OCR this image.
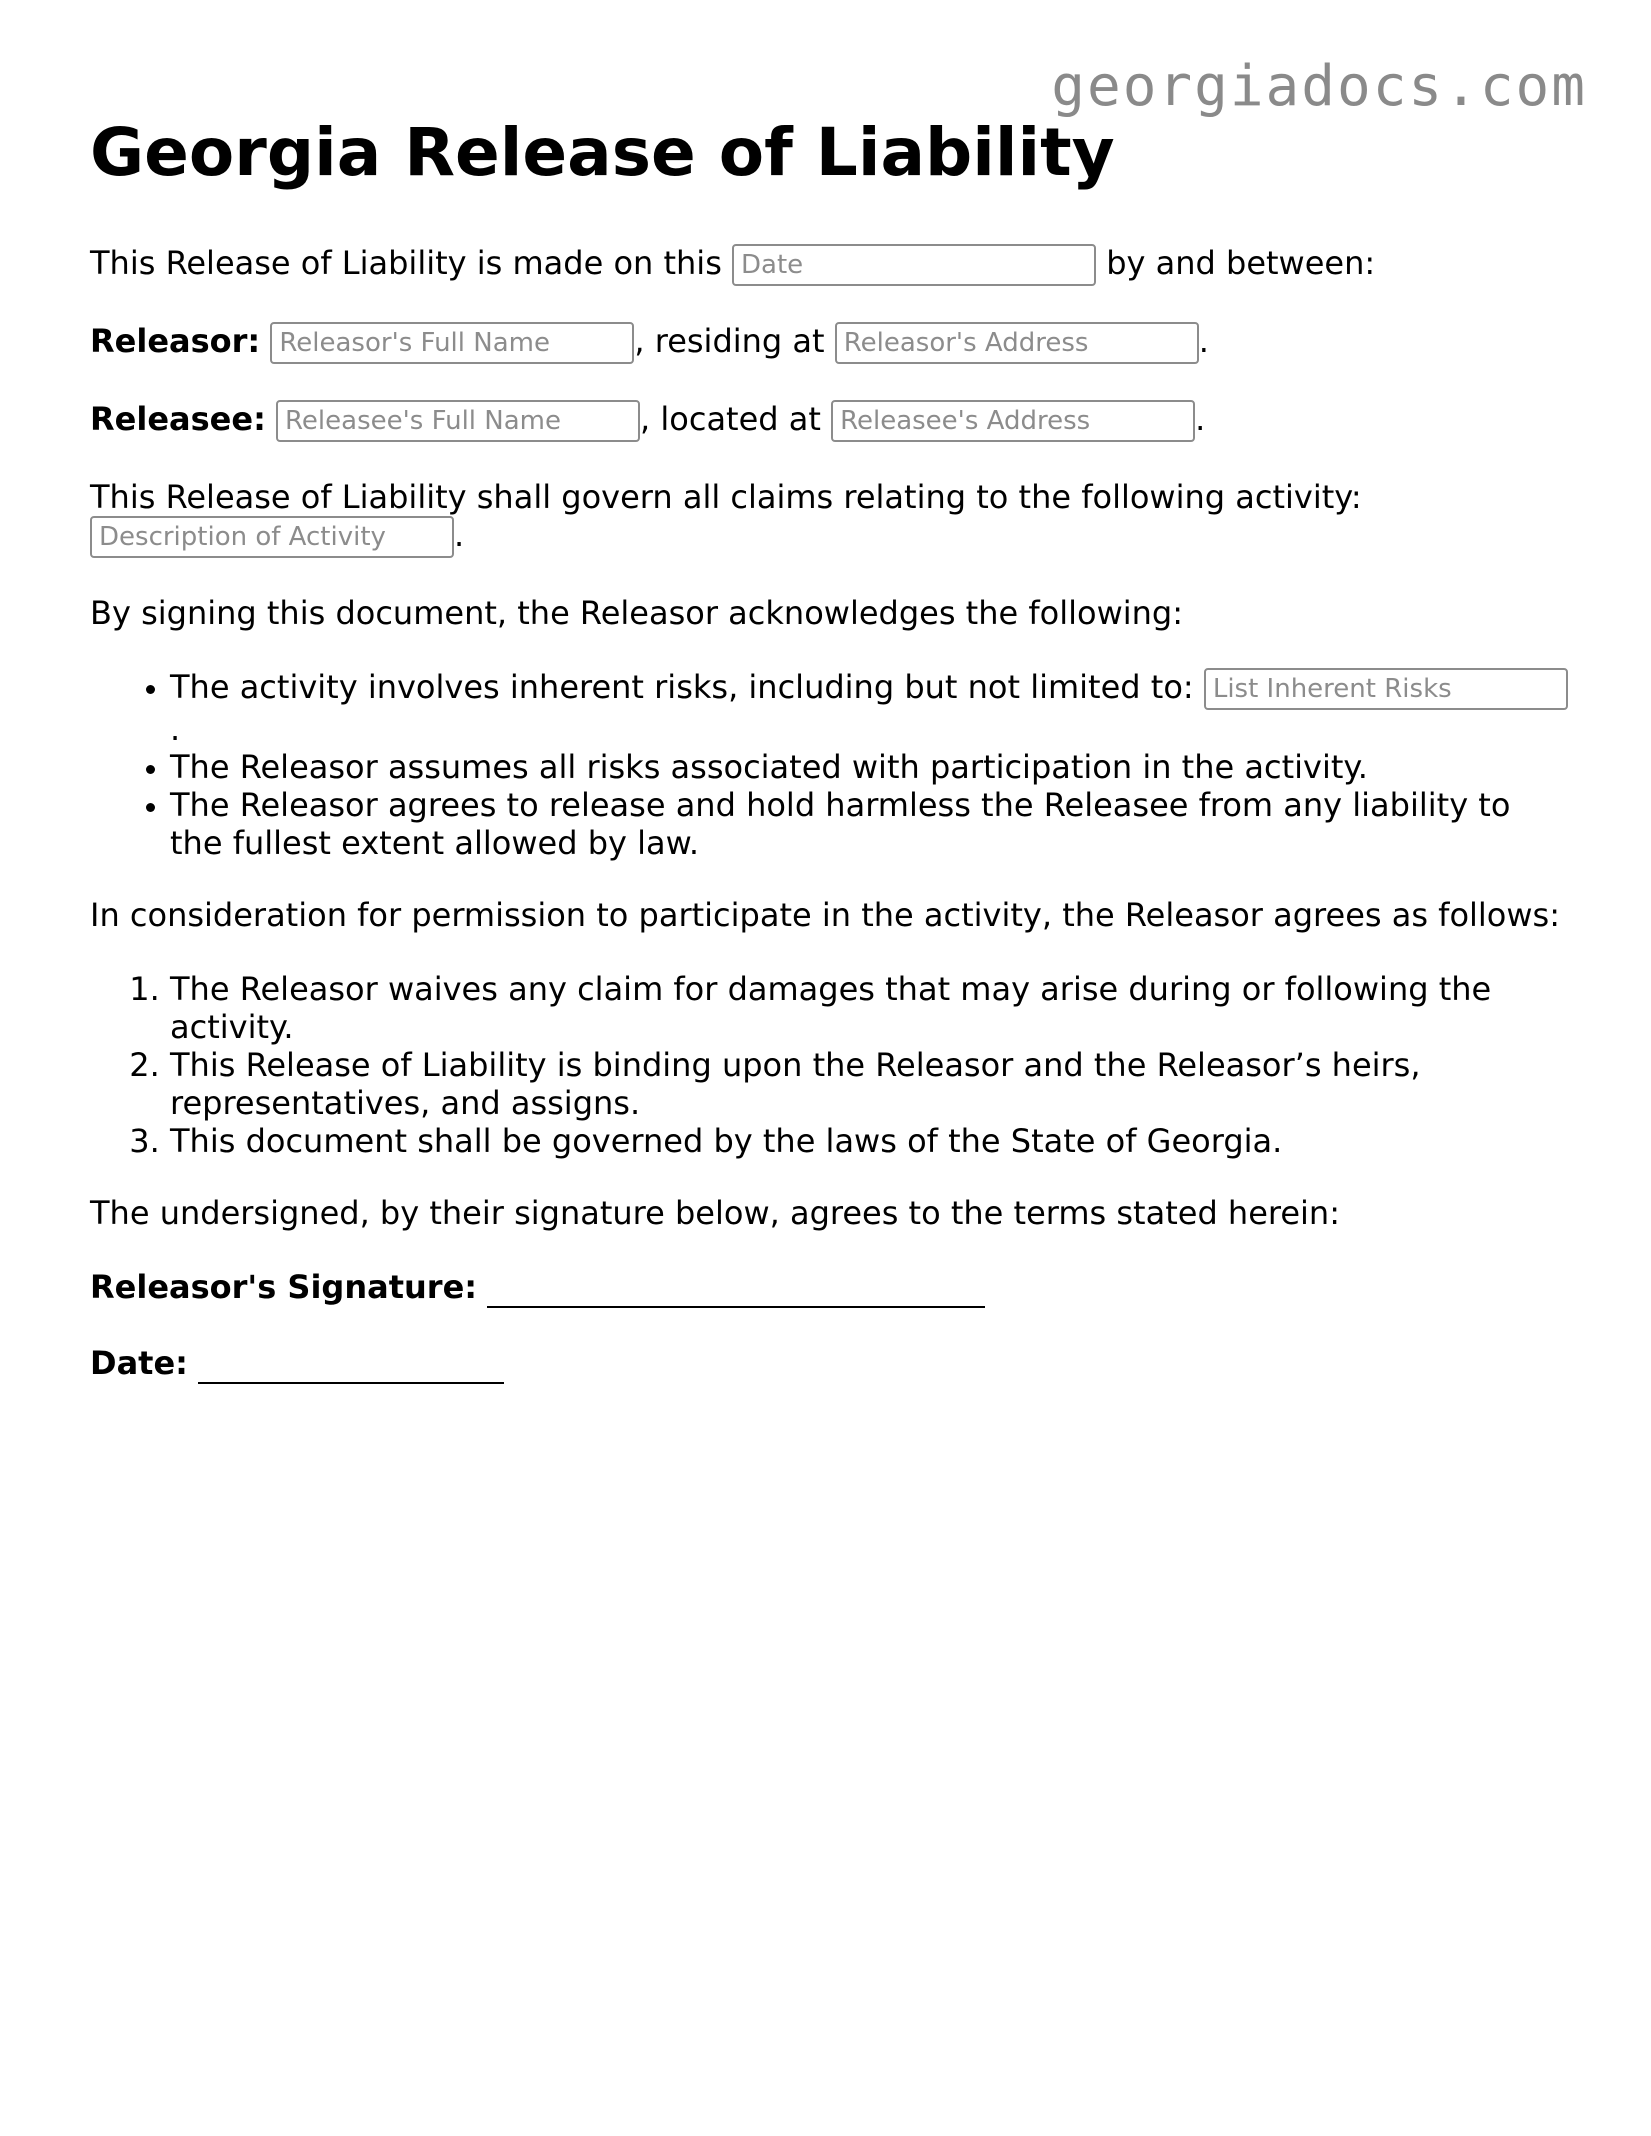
georgiadocs.com
Georgia Release of Liability

This Release of Liability is made on this Date	by and between:

Releasor: Releasor's Full Name	, residing at Releasor's Address	.

Releasee: Releasee's Full Name	, located at Releasee's Address	.

This Release of Liability shall govern all claims relating to the following activity: Description of Activity.

By signing this document, the Releasor acknowledges the following:

• The activity involves inherent risks, including but not limited to: List Inherent Risks .
• The Releasor assumes all risks associated with participation in the activity.
• The Releasor agrees to release and hold harmless the Releasee from any liability to the fullest extent allowed by law.

In consideration for permission to participate in the activity, the Releasor agrees as follows:

1. The Releasor waives any claim for damages that may arise during or following the activity.
2. This Release of Liability is binding upon the Releasor and the Releasor’s heirs, representatives, and assigns.
3. This document shall be governed by the laws of the State of Georgia.

The undersigned, by their signature below, agrees to the terms stated herein:

Releasor's Signature:

Date:
